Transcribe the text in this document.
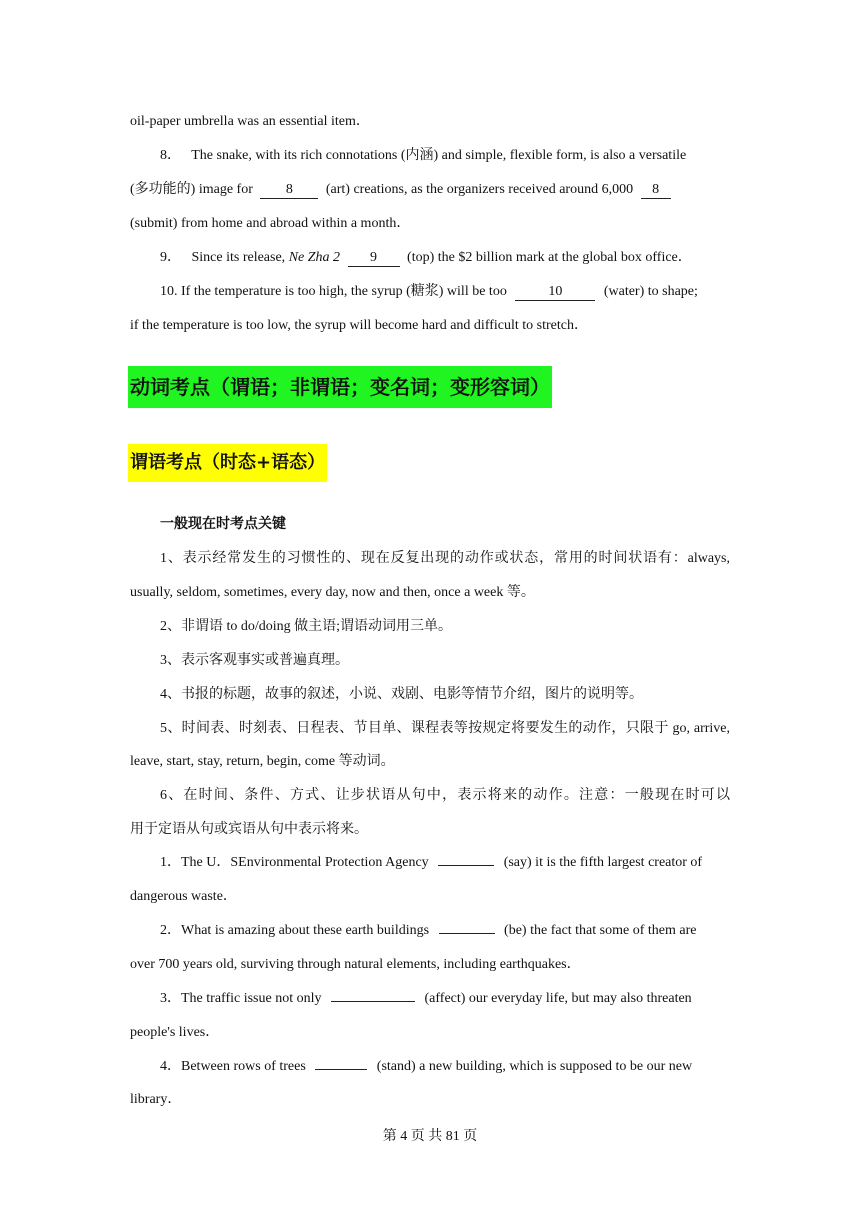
oil-paper umbrella was an essential item．
8． The snake, with its rich connotations (内涵) and simple, flexible form, is also a versatile
(多功能的) image for 8 (art) creations, as the organizers received around 6,000 8
(submit) from home and abroad within a month．
9． Since its release, Ne Zha 2 9 (top) the $2 billion mark at the global box office．
10. If the temperature is too high, the syrup (糖浆) will be too	10	(water) to shape;
if the temperature is too low, the syrup will become hard and difficult to stretch．
动词考点（谓语；非谓语；变名词；变形容词）
谓语考点（时态+语态）
一般现在时考点关键
1、表示经常发生的习惯性的、现在反复出现的动作或状态，常用的时间状语有：always,
usually, seldom, sometimes, every day, now and then, once a week 等。
2、非谓语 to do/doing 做主语;谓语动词用三单。
3、表示客观事实或普遍真理。
4、书报的标题，故事的叙述，小说、戏剧、电影等情节介绍，图片的说明等。
5、时间表、时刻表、日程表、节目单、课程表等按规定将要发生的动作，只限于 go, arrive,
leave, start, stay, return, begin, come 等动词。
6、在时间、条件、方式、让步状语从句中，表示将来的动作。注意：一般现在时可以
用于定语从句或宾语从句中表示将来。
1．The U．SEnvironmental Protection Agency	(say) it is the fifth largest creator of
dangerous waste．
2．What is amazing about these earth buildings	(be) the fact that some of them are
over 700 years old, surviving through natural elements, including earthquakes．
3．The traffic issue not only	(affect) our everyday life, but may also threaten
people's lives．
4．Between rows of trees	(stand) a new building, which is supposed to be our new
library．
第 4 页 共 81 页
